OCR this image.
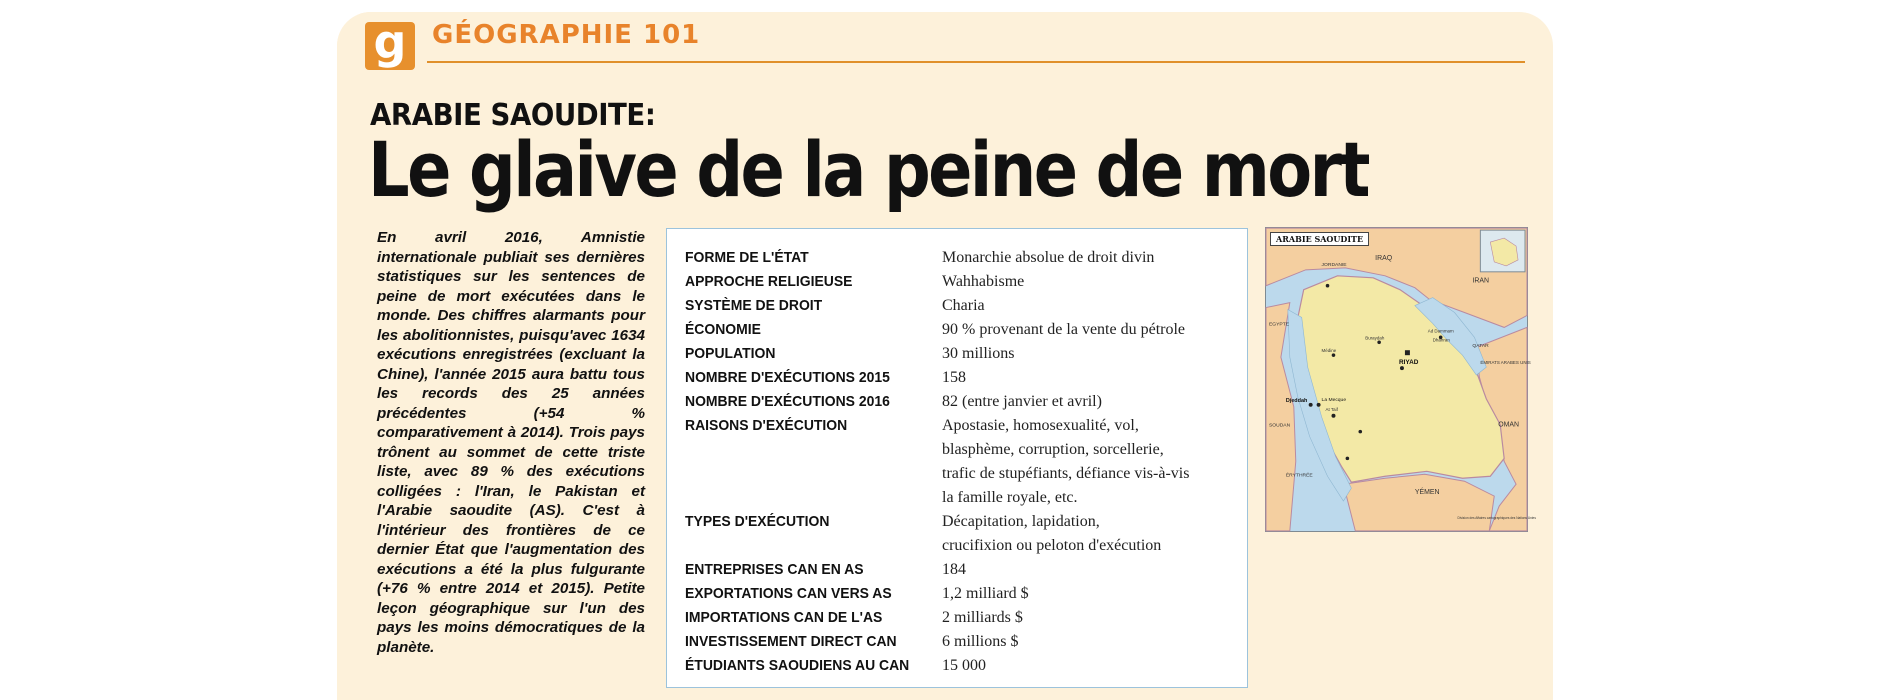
g GÉOGRAPHIE 101
ARABIE SAOUDITE:
Le glaive de la peine de mort

En avril 2016, Amnistie internationale publiait ses dernières statistiques sur les sentences de peine de mort exécutées dans le monde. Des chiffres alarmants pour les abolitionnistes, puisqu'avec 1634 exécutions enregistrées (excluant la Chine), l'année 2015 aura battu tous les records des 25 années précédentes (+54 % comparativement à 2014). Trois pays trônent au sommet de cette triste liste, avec 89 % des exécutions colligées : l'Iran, le Pakistan et l'Arabie saoudite (AS). C'est à l'intérieur des frontières de ce dernier État que l'augmentation des exécutions a été la plus fulgurante (+76 % entre 2014 et 2015). Petite leçon géographique sur l'un des pays les moins démocratiques de la planète.

FORME DE L'ÉTAT	Monarchie absolue de droit divin
APPROCHE RELIGIEUSE	Wahhabisme
SYSTÈME DE DROIT	Charia
ÉCONOMIE	90 % provenant de la vente du pétrole
POPULATION	30 millions
NOMBRE D'EXÉCUTIONS 2015	158
NOMBRE D'EXÉCUTIONS 2016	82 (entre janvier et avril)
RAISONS D'EXÉCUTION	Apostasie, homosexualité, vol,
blasphème, corruption, sorcellerie,
trafic de stupéfiants, défiance vis-à-vis
la famille royale, etc.
TYPES D'EXÉCUTION	Décapitation, lapidation,
crucifixion ou peloton d'exécution
ENTREPRISES CAN EN AS	184
EXPORTATIONS CAN VERS AS	1,2 milliard $
IMPORTATIONS CAN DE L'AS	2 milliards $
INVESTISSEMENT DIRECT CAN	6 millions $
ÉTUDIANTS SAOUDIENS AU CAN	15 000
IRAQ
IRAN
JORDANIE
EGYPTE
QATAR
ÉMIRATS ARABES UNIS
OMAN
SOUDAN
ÉRYTHRÉE
YÉMEN
RIYAD
Djeddah	La Mecque
At Taif
Ad Dammam
Dhahran
Buraydah
Médine
Division des Affaires cartographiques des Nations Unies
ARABIE SAOUDITE
